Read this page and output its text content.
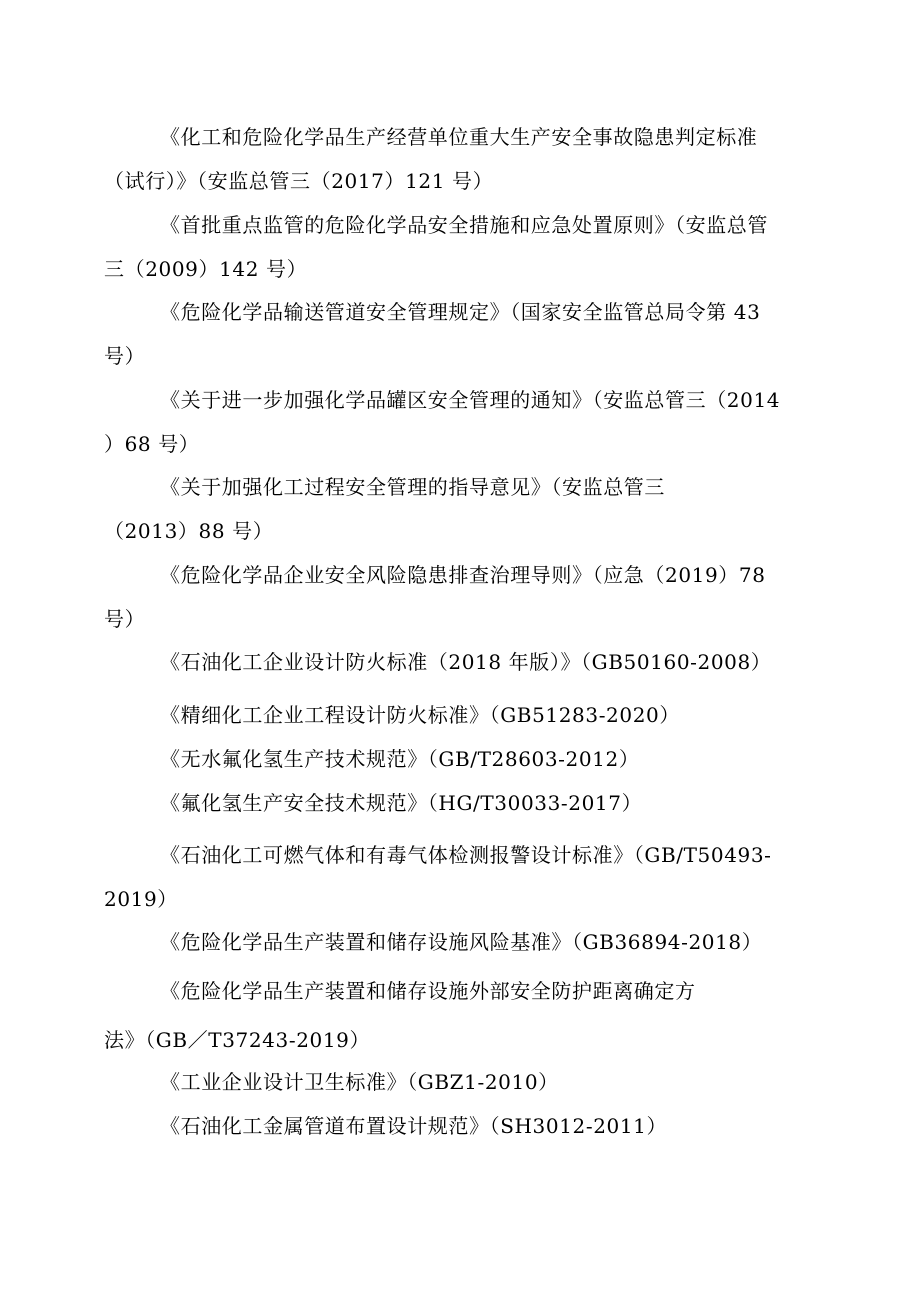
《化工和危险化学品生产经营单位重大生产安全事故隐患判定标准
（试行）》（安监总管三（2017）121 号）
《首批重点监管的危险化学品安全措施和应急处置原则》（安监总管
三（2009）142 号）
《危险化学品输送管道安全管理规定》（国家安全监管总局令第 43
号）
《关于进一步加强化学品罐区安全管理的通知》（安监总管三（2014
）68 号）
《关于加强化工过程安全管理的指导意见》（安监总管三
（2013）88 号）
《危险化学品企业安全风险隐患排查治理导则》（应急（2019）78
号）
《石油化工企业设计防火标准（2018 年版）》（GB50160-2008）
《精细化工企业工程设计防火标准》（GB51283-2020）
《无水氟化氢生产技术规范》（GB/T28603-2012）
《氟化氢生产安全技术规范》（HG/T30033-2017）
《石油化工可燃气体和有毒气体检测报警设计标准》（GB/T50493-
2019）
《危险化学品生产装置和储存设施风险基准》（GB36894-2018）
《危险化学品生产装置和储存设施外部安全防护距离确定方
法》（GB／T37243-2019）
《工业企业设计卫生标准》（GBZ1-2010）
《石油化工金属管道布置设计规范》（SH3012-2011）
